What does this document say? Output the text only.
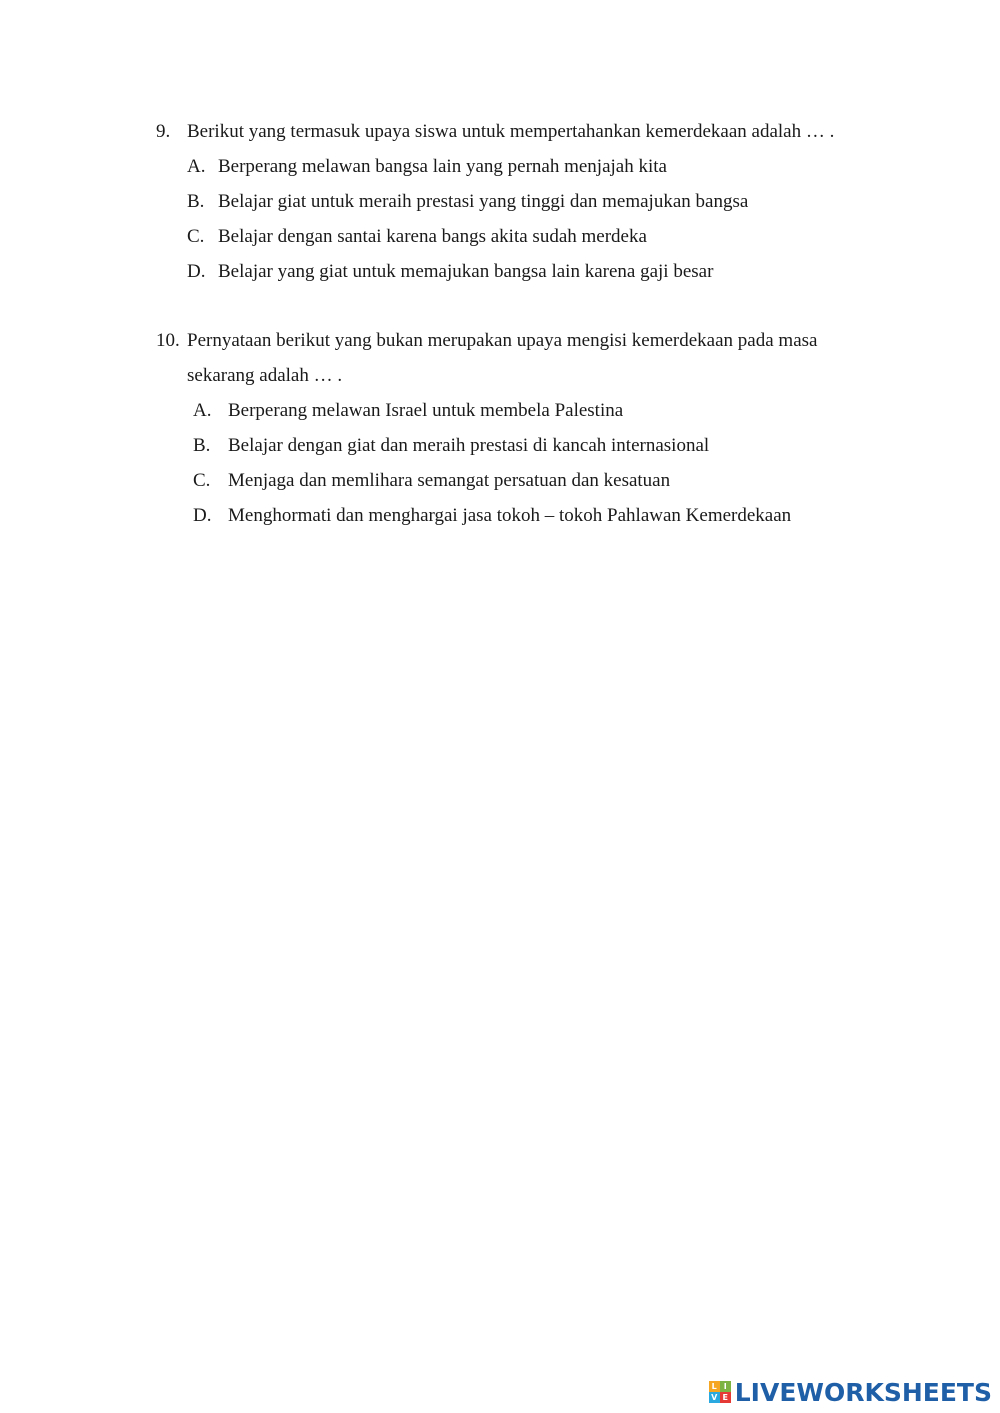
9. Berikut yang termasuk upaya siswa untuk mempertahankan kemerdekaan adalah … .
A. Berperang melawan bangsa lain yang pernah menjajah kita
B. Belajar giat untuk meraih prestasi yang tinggi dan memajukan bangsa
C. Belajar dengan santai karena bangs akita sudah merdeka
D. Belajar yang giat untuk memajukan bangsa lain karena gaji besar
10. Pernyataan berikut yang bukan merupakan upaya mengisi kemerdekaan pada masa
sekarang adalah … .
A. Berperang melawan Israel untuk membela Palestina
B. Belajar dengan giat dan meraih prestasi di kancah internasional
C. Menjaga dan memlihara semangat persatuan dan kesatuan
D. Menghormati dan menghargai jasa tokoh – tokoh Pahlawan Kemerdekaan
L I
V E LIVEWORKSHEETS
